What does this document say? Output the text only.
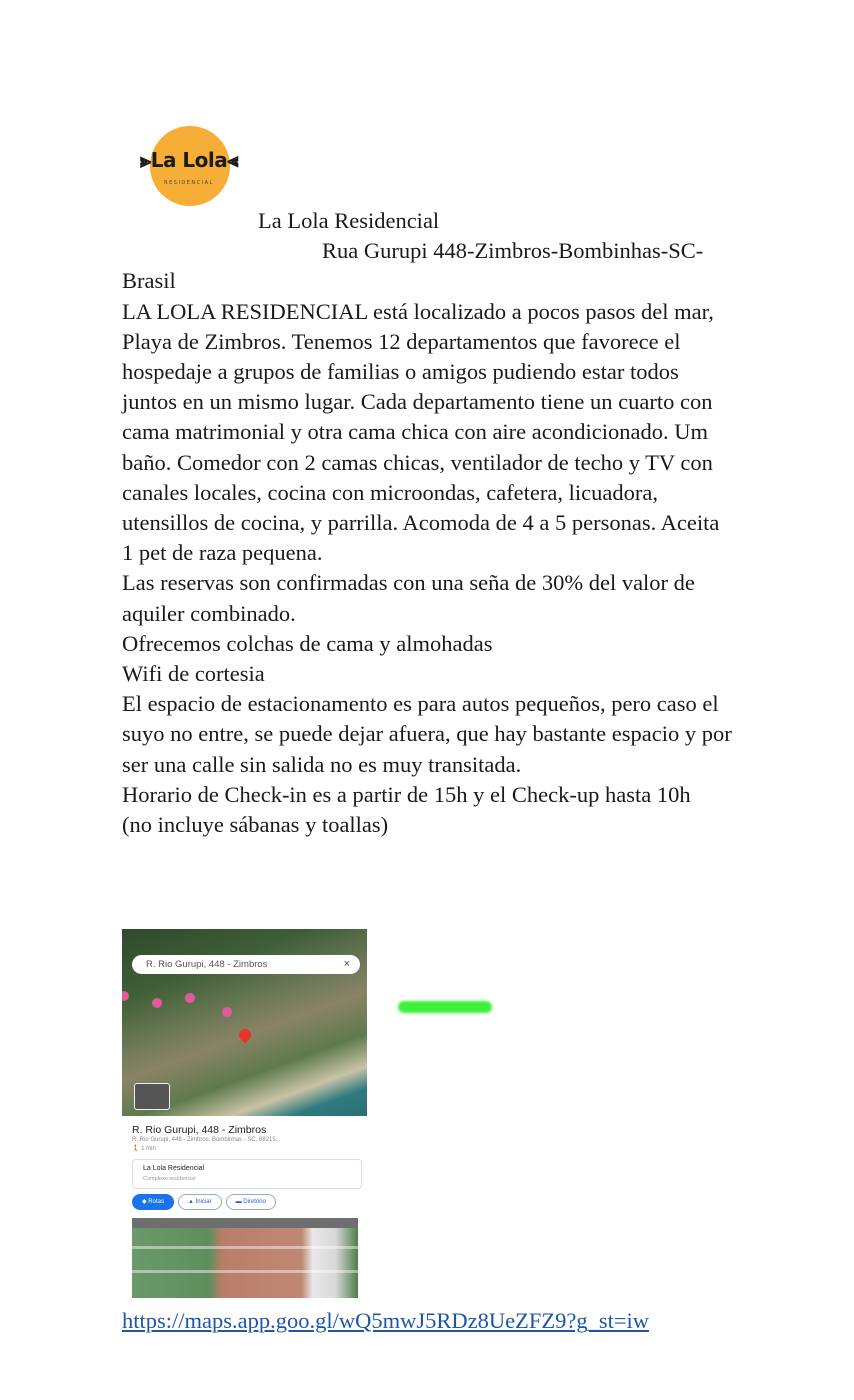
⫸La Lola⫷
RESIDENCIAL

La Lola Residencial

Rua Gurupi 448-Zimbros-Bombinhas-SC-Brasil

LA LOLA RESIDENCIAL está localizado a pocos pasos del mar, Playa de Zimbros. Tenemos 12 departamentos que favorece el hospedaje a grupos de familias o amigos pudiendo estar todos juntos en un mismo lugar. Cada departamento tiene un cuarto con cama matrimonial y otra cama chica con aire acondicionado. Um baño. Comedor con 2 camas chicas, ventilador de techo y TV con canales locales, cocina con microondas, cafetera, licuadora, utensillos de cocina, y parrilla. Acomoda de 4 a 5 personas. Aceita 1 pet de raza pequena.

Las reservas son confirmadas con una seña de 30% del valor de aquiler combinado.

Ofrecemos colchas de cama y almohadas

Wifi de cortesia

El espacio de estacionamento es para autos pequeños, pero caso el suyo no entre, se puede dejar afuera, que hay bastante espacio y por ser una calle sin salida no es muy transitada.

Horario de Check-in es a partir de 15h y el Check-up hasta 10h

(no incluye sábanas y toallas)

R. Rio Gurupi, 448 - Zimbros	×
R. Rio Gurupi, 448 - Zimbros
R. Rio Gurupi, 448 - Zimbros, Bombinhas - SC, 88215...
🚶 1 min
La Lola Residencial
Complexo residencial
◆ Rotas	▲ Iniciar	▬ Diretório
https://maps.app.goo.gl/wQ5mwJ5RDz8UeZFZ9?g_st=iw
